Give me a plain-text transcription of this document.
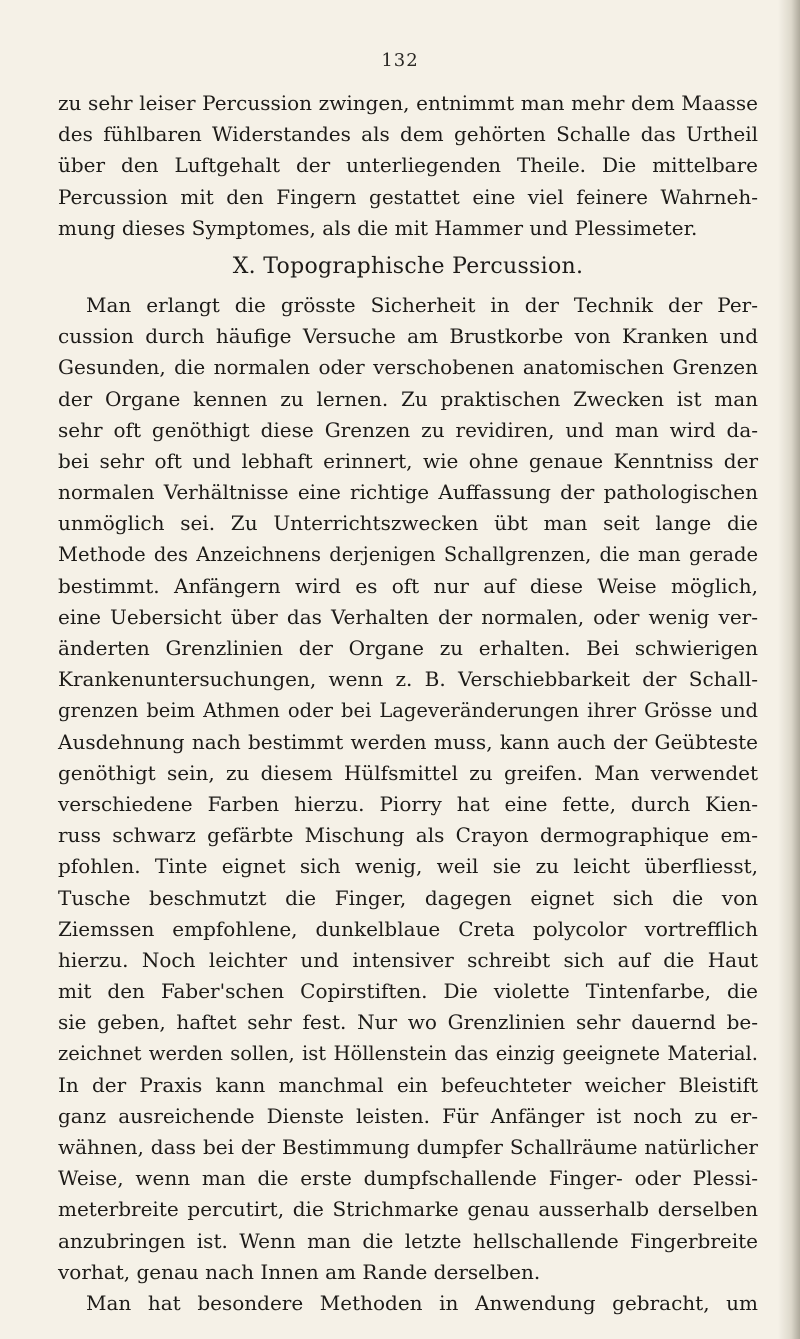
132
zu sehr leiser Percussion zwingen, entnimmt man mehr dem Maasse
des fühlbaren Widerstandes als dem gehörten Schalle das Urtheil
über den Luftgehalt der unterliegenden Theile. Die mittelbare
Percussion mit den Fingern gestattet eine viel feinere Wahrneh-
mung dieses Symptomes, als die mit Hammer und Plessimeter.
X. Topographische Percussion.
Man erlangt die grösste Sicherheit in der Technik der Per-
cussion durch häufige Versuche am Brustkorbe von Kranken und
Gesunden, die normalen oder verschobenen anatomischen Grenzen
der Organe kennen zu lernen. Zu praktischen Zwecken ist man
sehr oft genöthigt diese Grenzen zu revidiren, und man wird da-
bei sehr oft und lebhaft erinnert, wie ohne genaue Kenntniss der
normalen Verhältnisse eine richtige Auffassung der pathologischen
unmöglich sei. Zu Unterrichtszwecken übt man seit lange die
Methode des Anzeichnens derjenigen Schallgrenzen, die man gerade
bestimmt. Anfängern wird es oft nur auf diese Weise möglich,
eine Uebersicht über das Verhalten der normalen, oder wenig ver-
änderten Grenzlinien der Organe zu erhalten. Bei schwierigen
Krankenuntersuchungen, wenn z. B. Verschiebbarkeit der Schall-
grenzen beim Athmen oder bei Lageveränderungen ihrer Grösse und
Ausdehnung nach bestimmt werden muss, kann auch der Geübteste
genöthigt sein, zu diesem Hülfsmittel zu greifen. Man verwendet
verschiedene Farben hierzu. Piorry hat eine fette, durch Kien-
russ schwarz gefärbte Mischung als Crayon dermographique em-
pfohlen. Tinte eignet sich wenig, weil sie zu leicht überfliesst,
Tusche beschmutzt die Finger, dagegen eignet sich die von
Ziemssen empfohlene, dunkelblaue Creta polycolor vortrefflich
hierzu. Noch leichter und intensiver schreibt sich auf die Haut
mit den Faber'schen Copirstiften. Die violette Tintenfarbe, die
sie geben, haftet sehr fest. Nur wo Grenzlinien sehr dauernd be-
zeichnet werden sollen, ist Höllenstein das einzig geeignete Material.
In der Praxis kann manchmal ein befeuchteter weicher Bleistift
ganz ausreichende Dienste leisten. Für Anfänger ist noch zu er-
wähnen, dass bei der Bestimmung dumpfer Schallräume natürlicher
Weise, wenn man die erste dumpfschallende Finger- oder Plessi-
meterbreite percutirt, die Strichmarke genau ausserhalb derselben
anzubringen ist. Wenn man die letzte hellschallende Fingerbreite
vorhat, genau nach Innen am Rande derselben.
Man hat besondere Methoden in Anwendung gebracht, um
